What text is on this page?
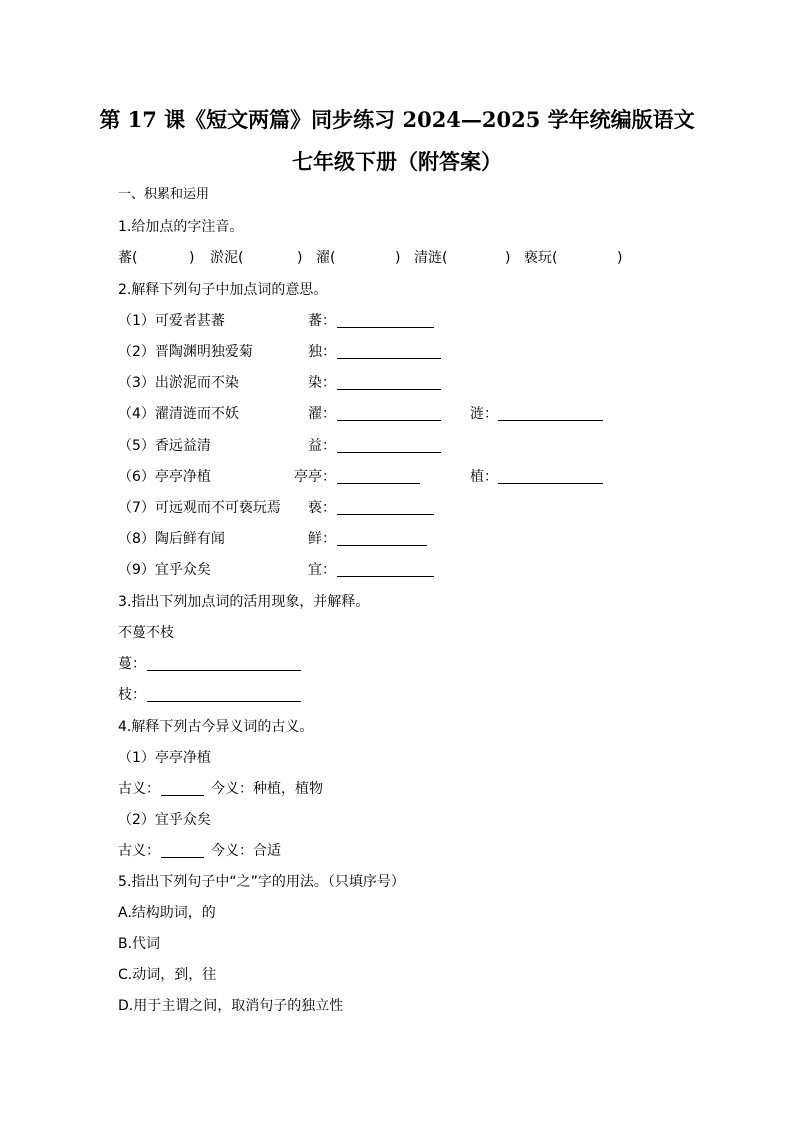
第 17 课《短文两篇》同步练习 2024—2025 学年统编版语文
七年级下册（附答案）
一、积累和运用
1.给加点的字注音。
蕃(	) 淤泥(	) 濯(	) 清涟(	) 亵玩(	)
2.解释下列句子中加点词的意思。
（1）可爱者甚蕃	蕃：
（2）晋陶渊明独爱菊	独：
（3）出淤泥而不染	染：
（4）濯清涟而不妖	濯：	涟：
（5）香远益清	益：
（6）亭亭净植	亭亭：	植：
（7）可远观而不可亵玩焉 亵：
（8）陶后鲜有闻	鲜：
（9）宜乎众矣	宜：
3.指出下列加点词的活用现象，并解释。
不蔓不枝
蔓：
枝：
4.解释下列古今异义词的古义。
（1）亭亭净植
古义：	今义：种植，植物
（2）宜乎众矣
古义：	今义：合适
5.指出下列句子中“之”字的用法。（只填序号）
A.结构助词，的
B.代词
C.动词，到，往
D.用于主谓之间，取消句子的独立性
